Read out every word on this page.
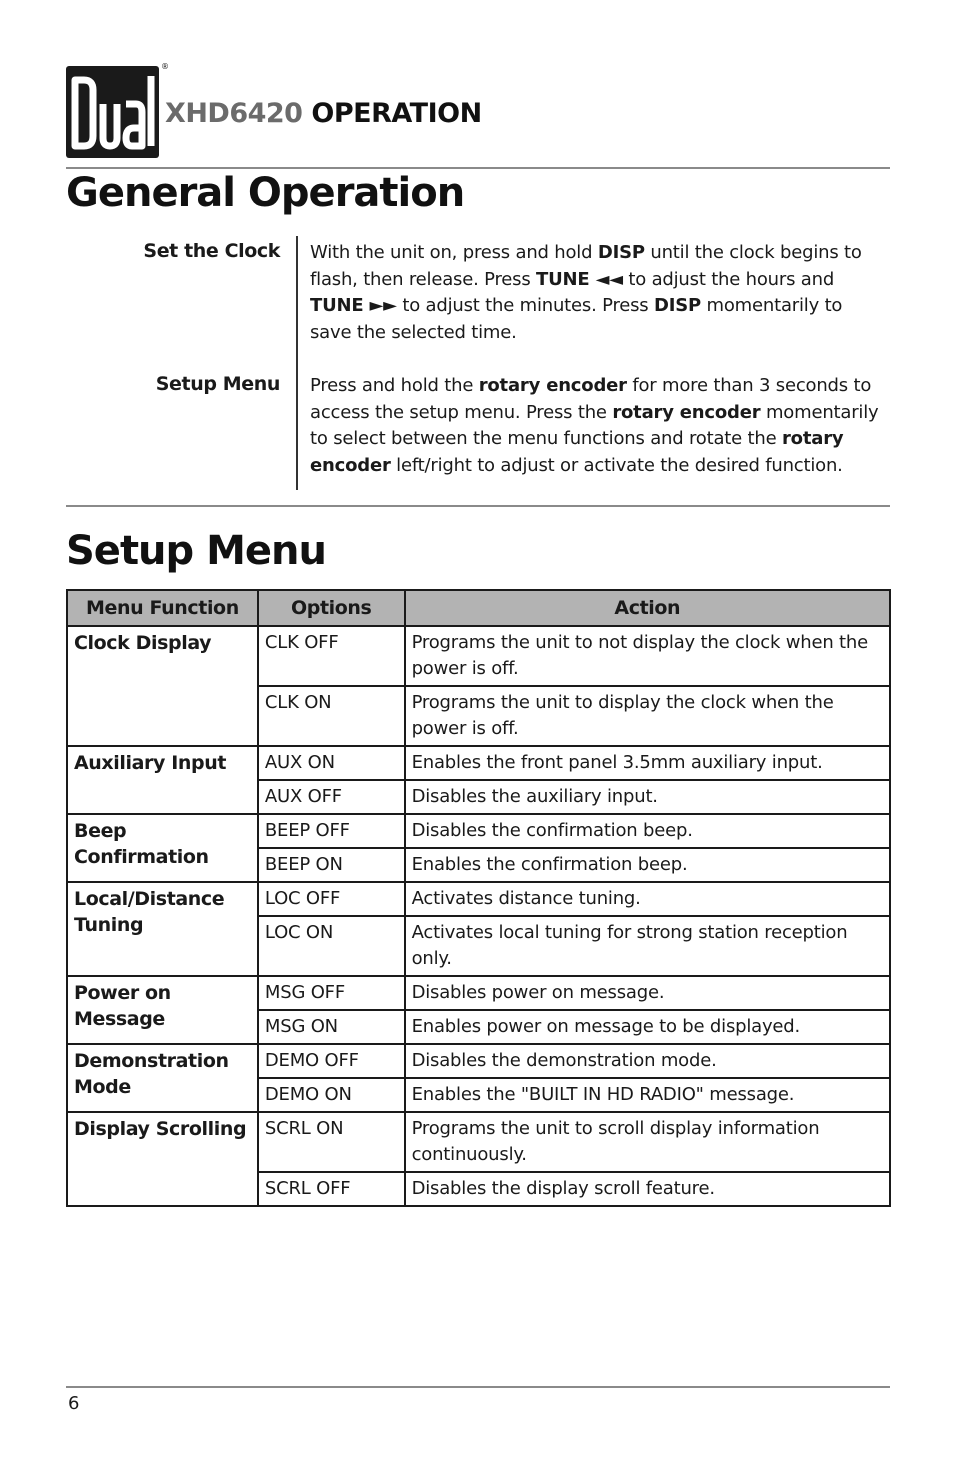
®
XHD6420 OPERATION
General Operation
Set the Clock With the unit on, press and hold DISP until the clock begins to flash, then release. Press TUNE ◄◄ to adjust the hours and TUNE ►► to adjust the minutes. Press DISP momentarily to save the selected time.
Setup Menu Press and hold the rotary encoder for more than 3 seconds to access the setup menu. Press the rotary encoder momentarily to select between the menu functions and rotate the rotary encoder left/right to adjust or activate the desired function.
Setup Menu
Menu Function	Options	Action
Clock Display	CLK OFF	Programs the unit to not display the clock when the power is off.
	CLK ON	Programs the unit to display the clock when the power is off.
Auxiliary Input	AUX ON	Enables the front panel 3.5mm auxiliary input.
	AUX OFF	Disables the auxiliary input.
Beep Confirmation	BEEP OFF	Disables the confirmation beep.
	BEEP ON	Enables the confirmation beep.
Local/Distance Tuning	LOC OFF	Activates distance tuning.
	LOC ON	Activates local tuning for strong station reception only.
Power on Message	MSG OFF	Disables power on message.
	MSG ON	Enables power on message to be displayed.
Demonstration Mode	DEMO OFF	Disables the demonstration mode.
	DEMO ON	Enables the "BUILT IN HD RADIO" message.
Display Scrolling	SCRL ON	Programs the unit to scroll display information continuously.
	SCRL OFF	Disables the display scroll feature.
6
